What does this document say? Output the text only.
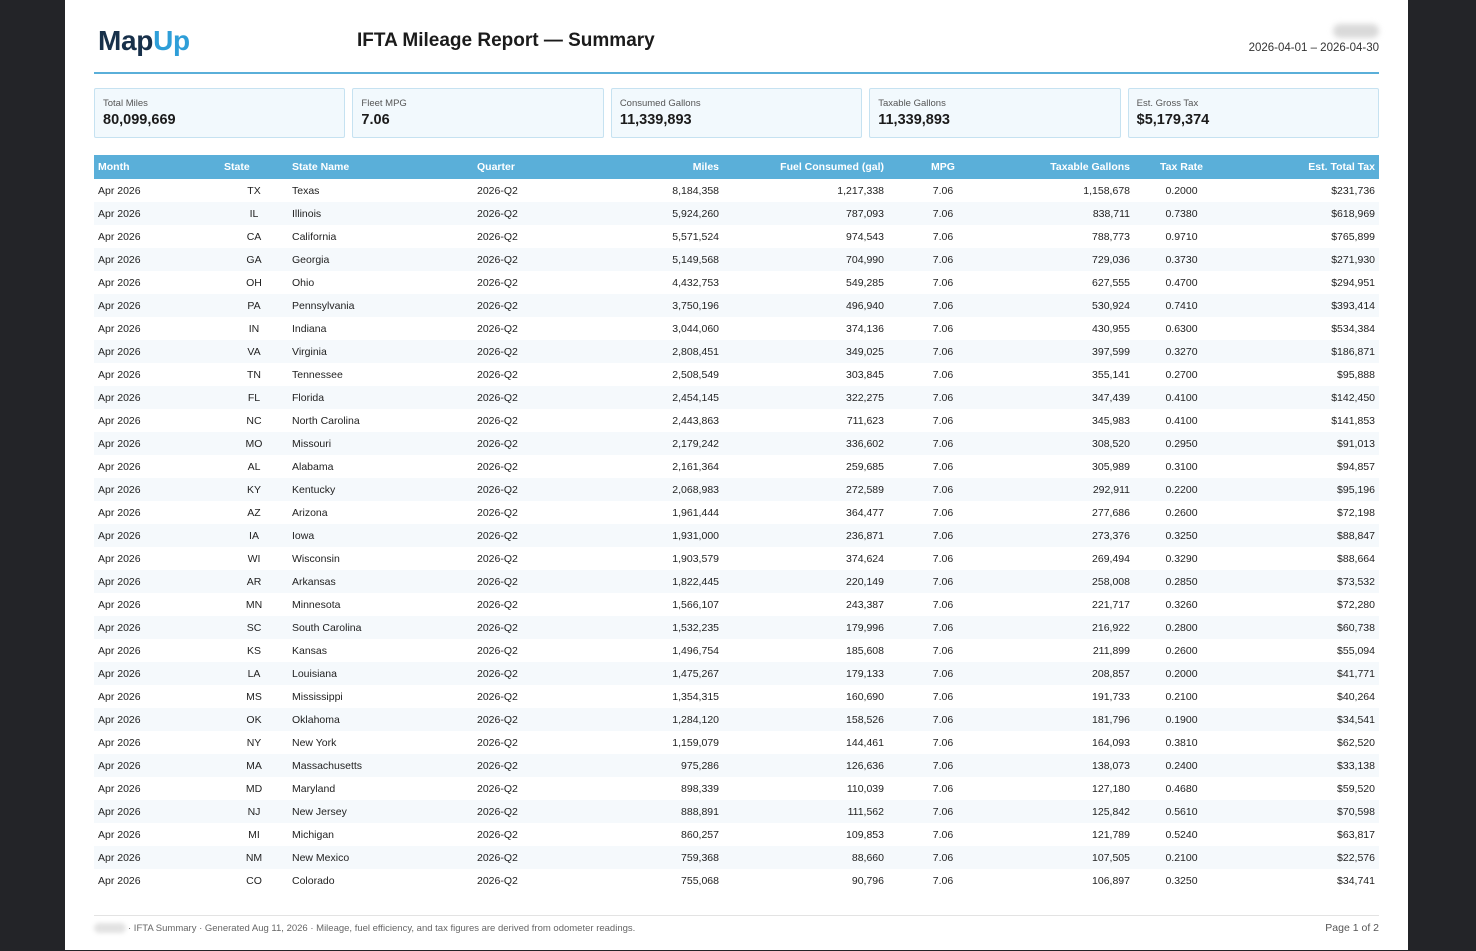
MapUp	IFTA Mileage Report — Summary	2026-04-01 – 2026-04-30
Total Miles
80,099,669
Fleet MPG
7.06
Consumed Gallons
11,339,893
Taxable Gallons
11,339,893
Est. Gross Tax
$5,179,374
Month	State	State Name	Quarter	Miles	Fuel Consumed (gal)	MPG	Taxable Gallons	Tax Rate	Est. Total Tax
Apr 2026	TX	Texas	2026-Q2	8,184,358	1,217,338	7.06	1,158,678	0.2000	$231,736
Apr 2026	IL	Illinois	2026-Q2	5,924,260	787,093	7.06	838,711	0.7380	$618,969
Apr 2026	CA	California	2026-Q2	5,571,524	974,543	7.06	788,773	0.9710	$765,899
Apr 2026	GA	Georgia	2026-Q2	5,149,568	704,990	7.06	729,036	0.3730	$271,930
Apr 2026	OH	Ohio	2026-Q2	4,432,753	549,285	7.06	627,555	0.4700	$294,951
Apr 2026	PA	Pennsylvania	2026-Q2	3,750,196	496,940	7.06	530,924	0.7410	$393,414
Apr 2026	IN	Indiana	2026-Q2	3,044,060	374,136	7.06	430,955	0.6300	$534,384
Apr 2026	VA	Virginia	2026-Q2	2,808,451	349,025	7.06	397,599	0.3270	$186,871
Apr 2026	TN	Tennessee	2026-Q2	2,508,549	303,845	7.06	355,141	0.2700	$95,888
Apr 2026	FL	Florida	2026-Q2	2,454,145	322,275	7.06	347,439	0.4100	$142,450
Apr 2026	NC	North Carolina	2026-Q2	2,443,863	711,623	7.06	345,983	0.4100	$141,853
Apr 2026	MO	Missouri	2026-Q2	2,179,242	336,602	7.06	308,520	0.2950	$91,013
Apr 2026	AL	Alabama	2026-Q2	2,161,364	259,685	7.06	305,989	0.3100	$94,857
Apr 2026	KY	Kentucky	2026-Q2	2,068,983	272,589	7.06	292,911	0.2200	$95,196
Apr 2026	AZ	Arizona	2026-Q2	1,961,444	364,477	7.06	277,686	0.2600	$72,198
Apr 2026	IA	Iowa	2026-Q2	1,931,000	236,871	7.06	273,376	0.3250	$88,847
Apr 2026	WI	Wisconsin	2026-Q2	1,903,579	374,624	7.06	269,494	0.3290	$88,664
Apr 2026	AR	Arkansas	2026-Q2	1,822,445	220,149	7.06	258,008	0.2850	$73,532
Apr 2026	MN	Minnesota	2026-Q2	1,566,107	243,387	7.06	221,717	0.3260	$72,280
Apr 2026	SC	South Carolina	2026-Q2	1,532,235	179,996	7.06	216,922	0.2800	$60,738
Apr 2026	KS	Kansas	2026-Q2	1,496,754	185,608	7.06	211,899	0.2600	$55,094
Apr 2026	LA	Louisiana	2026-Q2	1,475,267	179,133	7.06	208,857	0.2000	$41,771
Apr 2026	MS	Mississippi	2026-Q2	1,354,315	160,690	7.06	191,733	0.2100	$40,264
Apr 2026	OK	Oklahoma	2026-Q2	1,284,120	158,526	7.06	181,796	0.1900	$34,541
Apr 2026	NY	New York	2026-Q2	1,159,079	144,461	7.06	164,093	0.3810	$62,520
Apr 2026	MA	Massachusetts	2026-Q2	975,286	126,636	7.06	138,073	0.2400	$33,138
Apr 2026	MD	Maryland	2026-Q2	898,339	110,039	7.06	127,180	0.4680	$59,520
Apr 2026	NJ	New Jersey	2026-Q2	888,891	111,562	7.06	125,842	0.5610	$70,598
Apr 2026	MI	Michigan	2026-Q2	860,257	109,853	7.06	121,789	0.5240	$63,817
Apr 2026	NM	New Mexico	2026-Q2	759,368	88,660	7.06	107,505	0.2100	$22,576
Apr 2026	CO	Colorado	2026-Q2	755,068	90,796	7.06	106,897	0.3250	$34,741
· IFTA Summary · Generated Aug 11, 2026 · Mileage, fuel efficiency, and tax figures are derived from odometer readings.	Page 1 of 2
